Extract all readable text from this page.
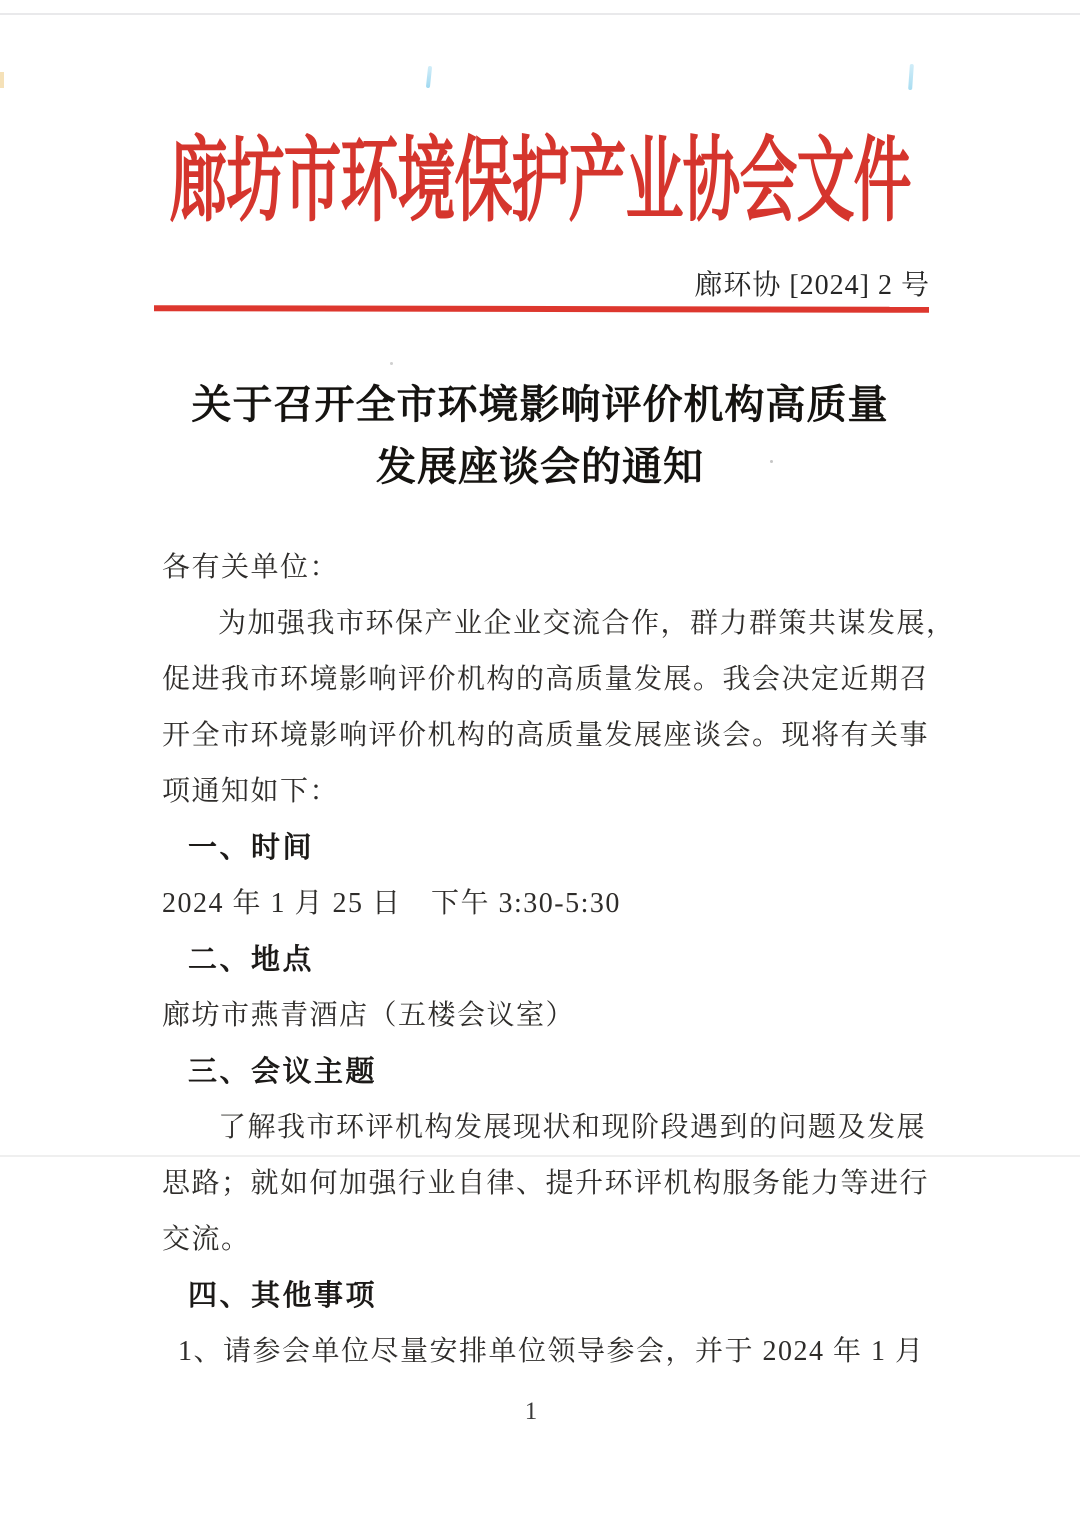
廊坊市环境保护产业协会文件
廊环协 [2024] 2 号
关于召开全市环境影响评价机构高质量
发展座谈会的通知
各有关单位：
为加强我市环保产业企业交流合作，群力群策共谋发展，
促进我市环境影响评价机构的高质量发展。我会决定近期召
开全市环境影响评价机构的高质量发展座谈会。现将有关事
项通知如下：
一、时间
2024 年 1 月 25 日　下午 3:30-5:30
二、地点
廊坊市燕青酒店（五楼会议室）
三、会议主题
了解我市环评机构发展现状和现阶段遇到的问题及发展
思路；就如何加强行业自律、提升环评机构服务能力等进行
交流。
四、其他事项
1、请参会单位尽量安排单位领导参会，并于 2024 年 1 月
1
